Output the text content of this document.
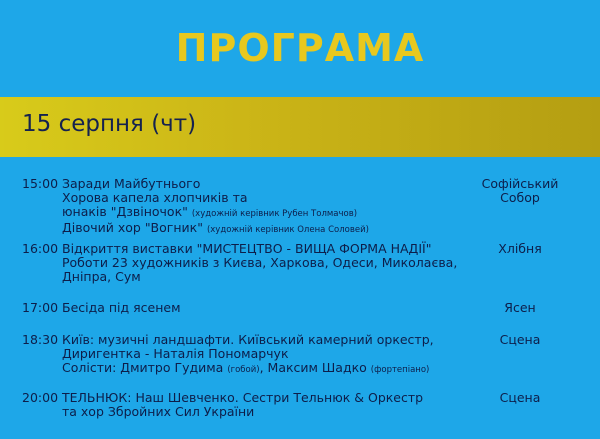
ПРОГРАМА
15 серпня (чт)
15:00 Заради Майбутнього
Хорова капела хлопчиків та
юнаків "Дзвіночок" (художній керівник Рубен Толмачов)
Дівочий хор "Вогник" (художній керівник Олена Соловей)
Софійський
Собор
16:00 Відкриття виставки "МИСТЕЦТВО - ВИЩА ФОРМА НАДІЇ"
Роботи 23 художників з Києва, Харкова, Одеси, Миколаєва,
Дніпра, Сум
Хлібня
17:00 Бесіда під ясенем	Ясен
18:30 Київ: музичні ландшафти. Київський камерний оркестр,
Диригентка - Наталія Пономарчук
Солісти: Дмитро Гудима (гобой), Максим Шадко (фортепіано)
Сцена
20:00 ТЕЛЬНЮК: Наш Шевченко. Сестри Тельнюк & Оркестр
та хор Збройних Сил України
Сцена
